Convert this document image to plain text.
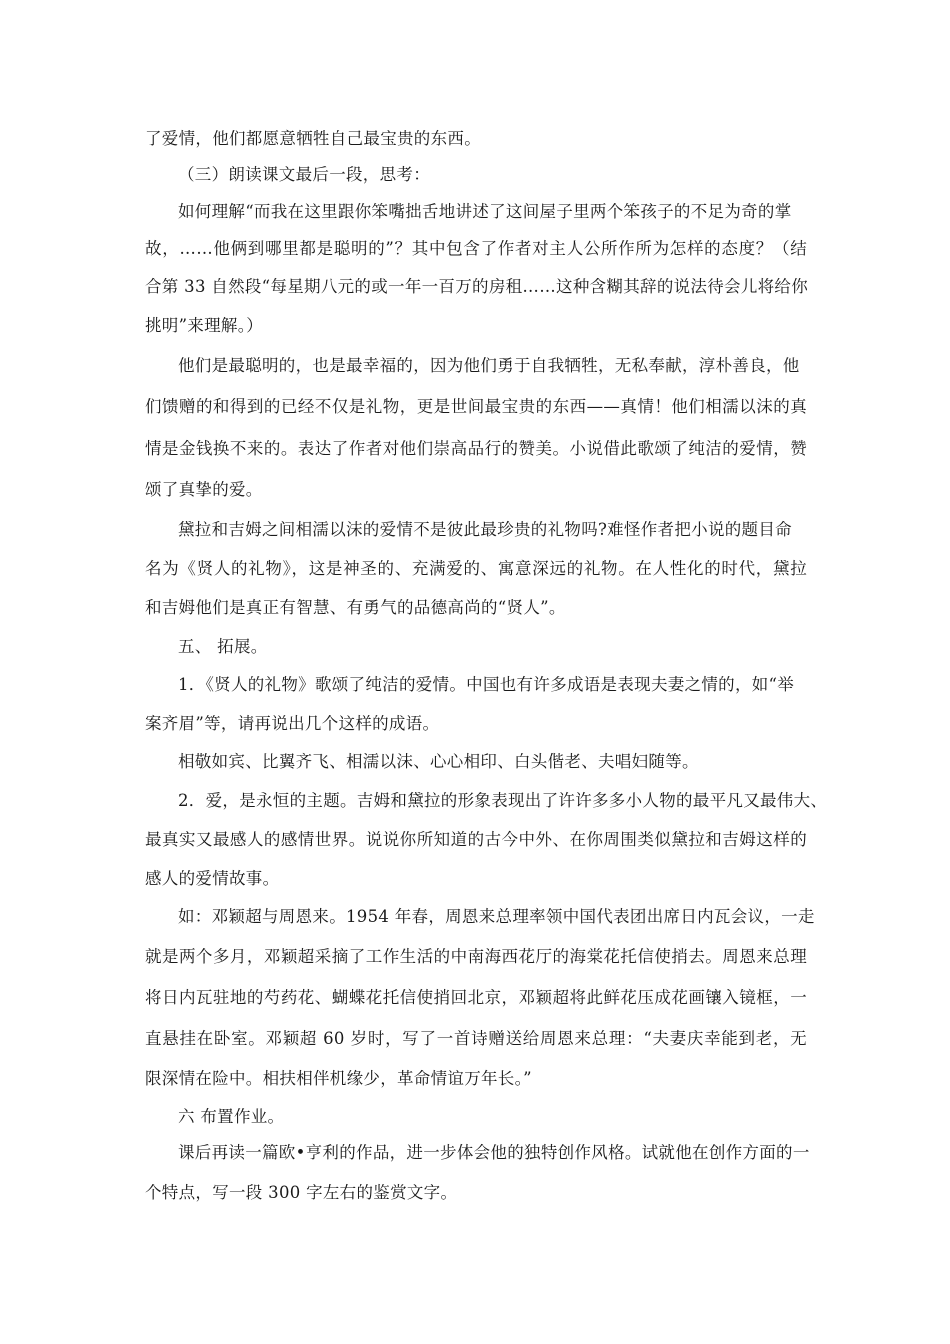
了爱情，他们都愿意牺牲自己最宝贵的东西。
（三）朗读课文最后一段，思考：
如何理解“而我在这里跟你笨嘴拙舌地讲述了这间屋子里两个笨孩子的不足为奇的掌
故，……他俩到哪里都是聪明的”？其中包含了作者对主人公所作所为怎样的态度？（结
合第 33 自然段“每星期八元的或一年一百万的房租……这种含糊其辞的说法待会儿将给你
挑明”来理解。）
他们是最聪明的，也是最幸福的，因为他们勇于自我牺牲，无私奉献，淳朴善良，他
们馈赠的和得到的已经不仅是礼物，更是世间最宝贵的东西——真情！他们相濡以沫的真
情是金钱换不来的。表达了作者对他们崇高品行的赞美。小说借此歌颂了纯洁的爱情，赞
颂了真挚的爱。
黛拉和吉姆之间相濡以沫的爱情不是彼此最珍贵的礼物吗?难怪作者把小说的题目命
名为《贤人的礼物》，这是神圣的、充满爱的、寓意深远的礼物。在人性化的时代，黛拉
和吉姆他们是真正有智慧、有勇气的品德高尚的“贤人”。
五、 拓展。
1．《贤人的礼物》歌颂了纯洁的爱情。中国也有许多成语是表现夫妻之情的，如“举
案齐眉”等，请再说出几个这样的成语。
相敬如宾、比翼齐飞、相濡以沫、心心相印、白头偕老、夫唱妇随等。
2．爱，是永恒的主题。吉姆和黛拉的形象表现出了许许多多小人物的最平凡又最伟大、
最真实又最感人的感情世界。说说你所知道的古今中外、在你周围类似黛拉和吉姆这样的
感人的爱情故事。
如：邓颖超与周恩来。1954 年春，周恩来总理率领中国代表团出席日内瓦会议，一走
就是两个多月，邓颖超采摘了工作生活的中南海西花厅的海棠花托信使捎去。周恩来总理
将日内瓦驻地的芍药花、蝴蝶花托信使捎回北京，邓颖超将此鲜花压成花画镶入镜框，一
直悬挂在卧室。邓颖超 60 岁时，写了一首诗赠送给周恩来总理：“夫妻庆幸能到老，无
限深情在险中。相扶相伴机缘少，革命情谊万年长。”
六 布置作业。
课后再读一篇欧•亨利的作品，进一步体会他的独特创作风格。试就他在创作方面的一
个特点，写一段 300 字左右的鉴赏文字。
